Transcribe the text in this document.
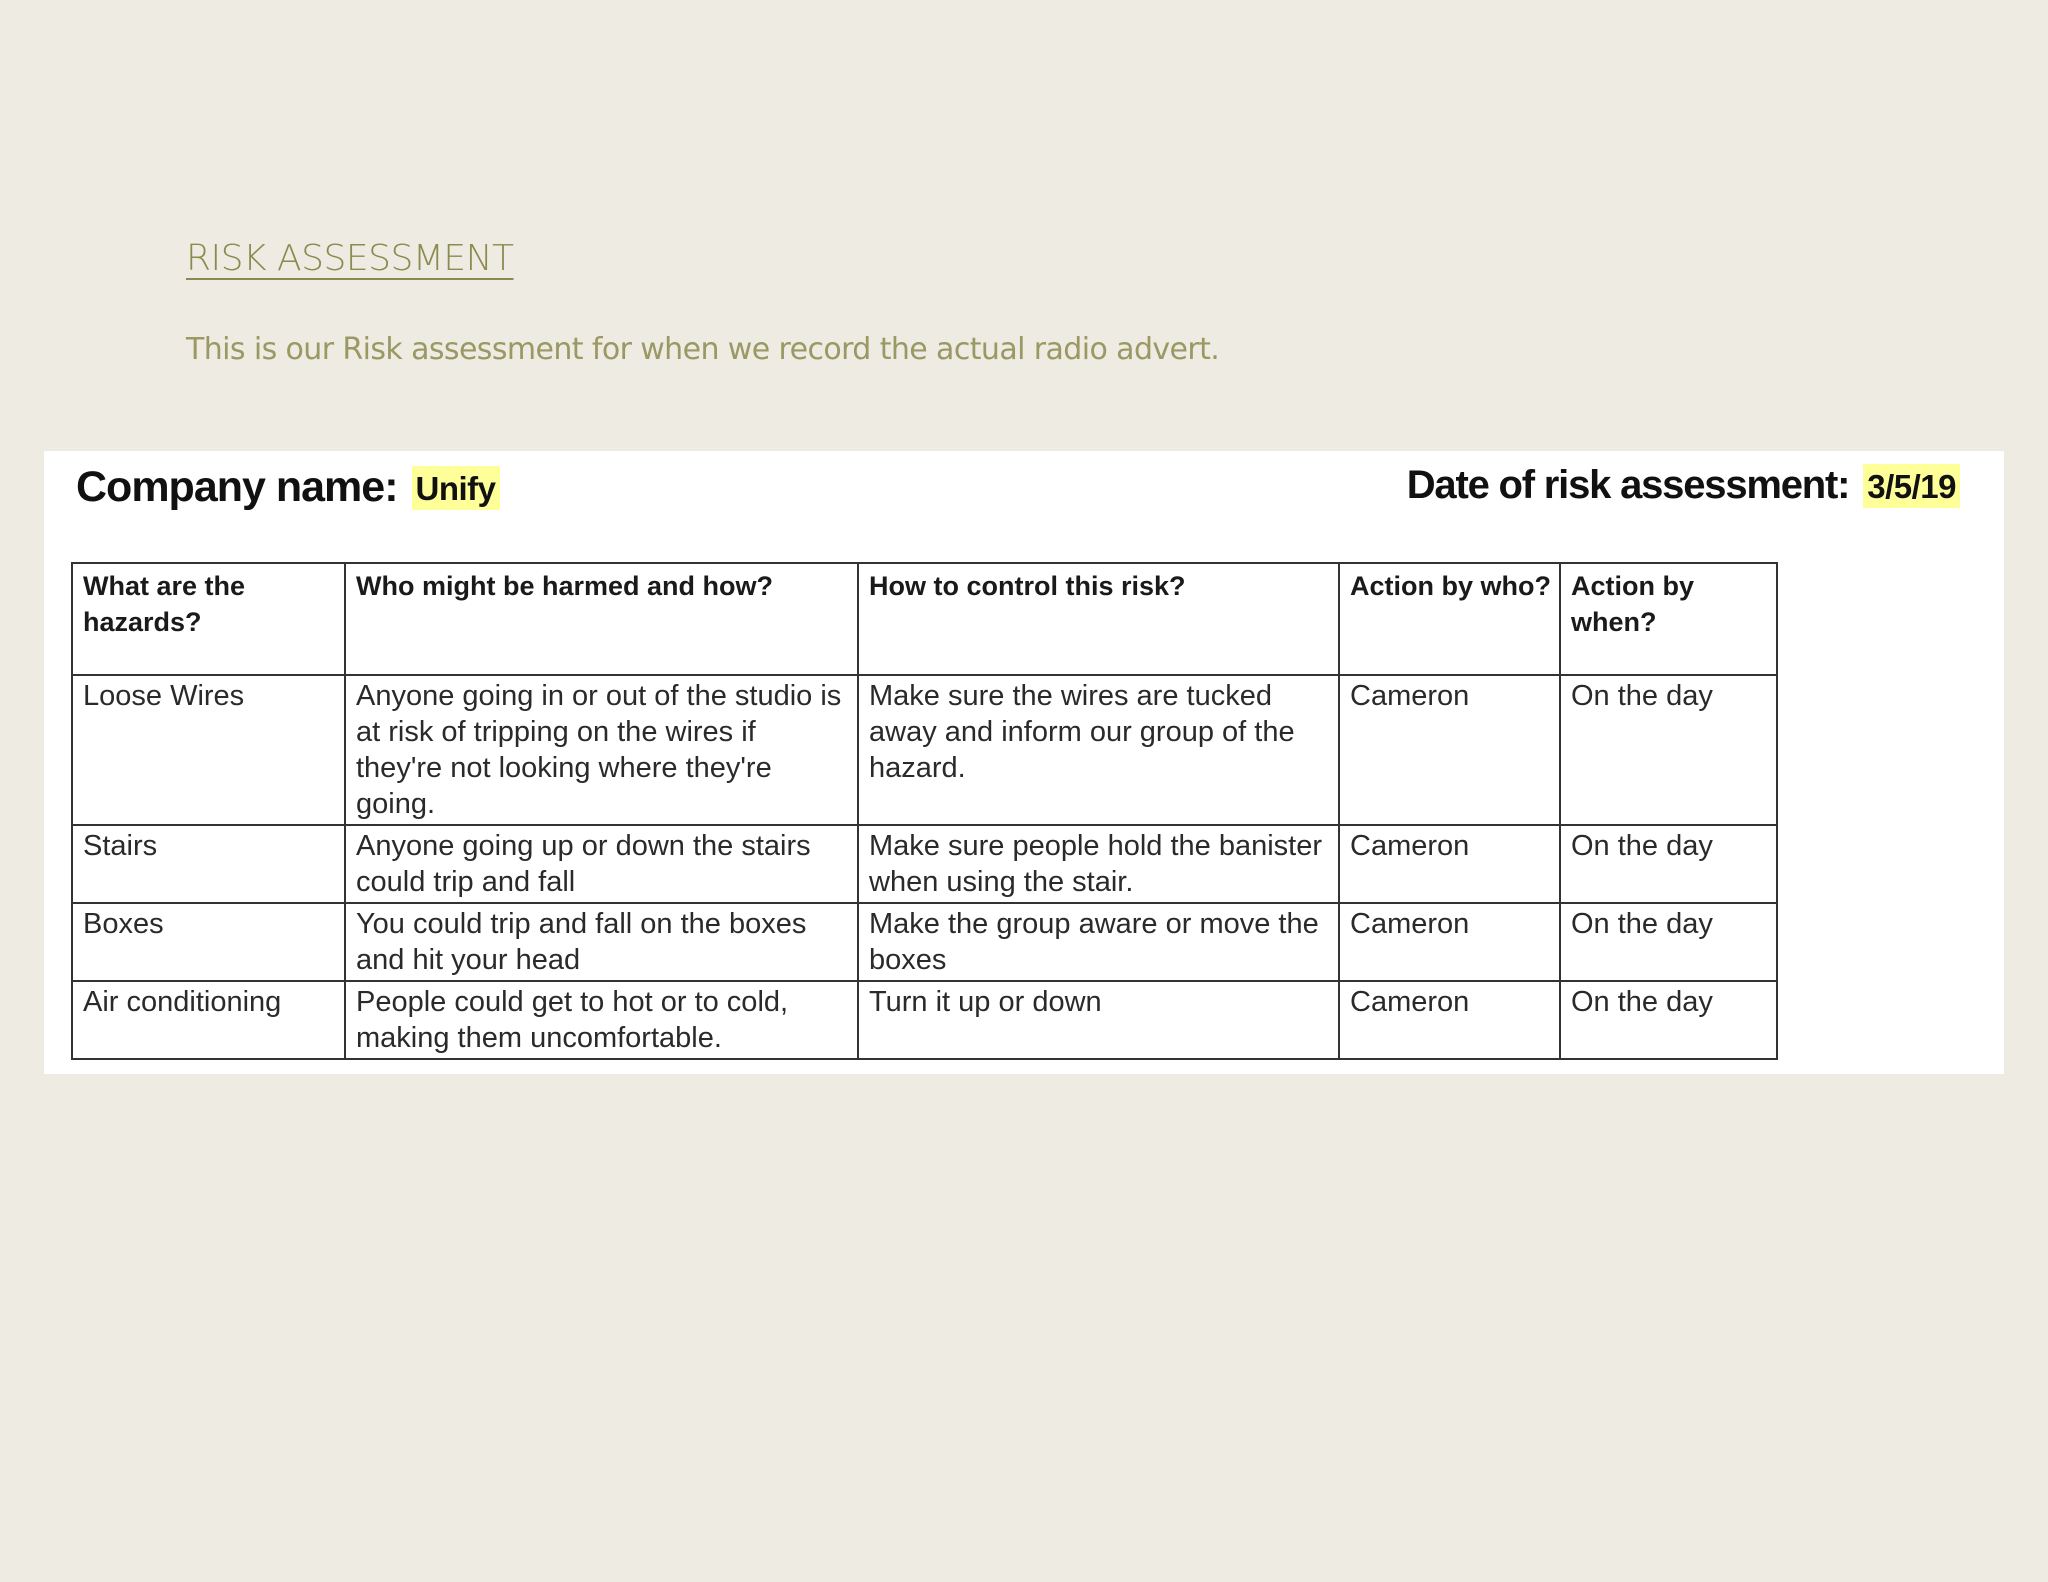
RISK ASSESSMENT
This is our Risk assessment for when we record the actual radio advert.
Company name: Unify	Date of risk assessment: 3/5/19
What are the hazards?	Who might be harmed and how?	How to control this risk?	Action by who?	Action by when?
Loose Wires	Anyone going in or out of the studio is at risk of tripping on the wires if they're not looking where they're going.	Make sure the wires are tucked away and inform our group of the hazard.	Cameron	On the day
Stairs	Anyone going up or down the stairs could trip and fall	Make sure people hold the banister when using the stair.	Cameron	On the day
Boxes	You could trip and fall on the boxes and hit your head	Make the group aware or move the boxes	Cameron	On the day
Air conditioning	People could get to hot or to cold, making them uncomfortable.	Turn it up or down	Cameron	On the day
